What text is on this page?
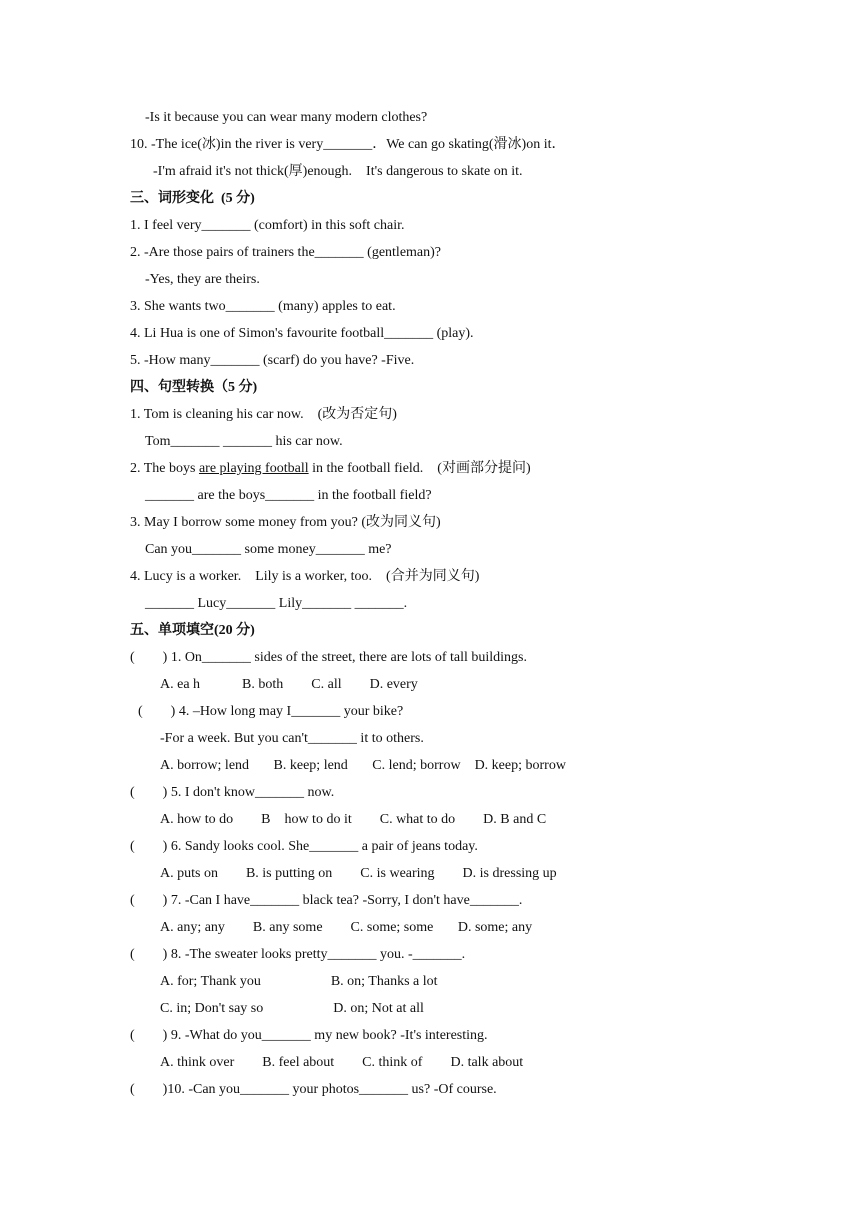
-Is it because you can wear many modern clothes?
10. -The ice(冰)in the river is very_______．We can go skating(滑冰)on it．
-I'm afraid it's not thick(厚)enough.    It's dangerous to skate on it.
三、词形变化  (5 分)
1. I feel very_______ (comfort) in this soft chair.
2. -Are those pairs of trainers the_______ (gentleman)?
-Yes, they are theirs.
3. She wants two_______ (many) apples to eat.
4. Li Hua is one of Simon's favourite football_______ (play).
5. -How many_______ (scarf) do you have? -Five.
四、句型转换（5 分)
1. Tom is cleaning his car now.    (改为否定句)
Tom_______ _______ his car now.
2. The boys are playing football in the football field.    (对画部分提问)
_______ are the boys_______ in the football field?
3. May I borrow some money from you? (改为同义句)
Can you_______ some money_______ me?
4. Lucy is a worker.    Lily is a worker, too.    (合并为同义句)
_______ Lucy_______ Lily_______ _______.
五、单项填空(20 分)
(        ) 1. On_______ sides of the street, there are lots of tall buildings.
A. ea h            B. both        C. all        D. every
(        ) 4. –How long may I_______ your bike?
-For a week. But you can't_______ it to others.
A. borrow; lend       B. keep; lend       C. lend; borrow    D. keep; borrow
(        ) 5. I don't know_______ now.
A. how to do        B    how to do it        C. what to do        D. B and C
(        ) 6. Sandy looks cool. She_______ a pair of jeans today.
A. puts on        B. is putting on        C. is wearing        D. is dressing up
(        ) 7. -Can I have_______ black tea? -Sorry, I don't have_______.
A. any; any        B. any some        C. some; some       D. some; any
(        ) 8. -The sweater looks pretty_______ you. -_______.
A. for; Thank you                    B. on; Thanks a lot
C. in; Don't say so                    D. on; Not at all
(        ) 9. -What do you_______ my new book? -It's interesting.
A. think over        B. feel about        C. think of        D. talk about
(        )10. -Can you_______ your photos_______ us? -Of course.
